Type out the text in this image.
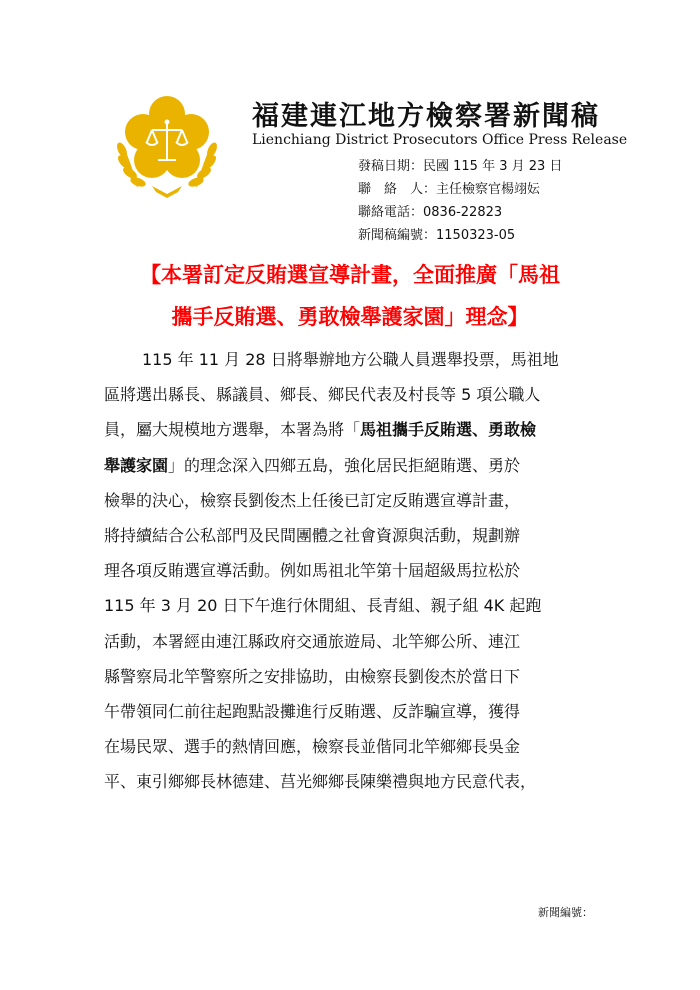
福建連江地方檢察署新聞稿
Lienchiang District Prosecutors Office Press Release
發稿日期：民國 115 年 3 月 23 日
聯　絡　人：主任檢察官楊翊妘
聯絡電話：0836-22823
新聞稿編號：1150323-05
【本署訂定反賄選宣導計畫，全面推廣「馬祖
攜手反賄選、勇敢檢舉護家園」理念】
115 年 11 月 28 日將舉辦地方公職人員選舉投票，馬祖地
區將選出縣長、縣議員、鄉長、鄉民代表及村長等 5 項公職人
員，屬大規模地方選舉，本署為將「馬祖攜手反賄選、勇敢檢
舉護家園」的理念深入四鄉五島，強化居民拒絕賄選、勇於
檢舉的決心，檢察長劉俊杰上任後已訂定反賄選宣導計畫，
將持續結合公私部門及民間團體之社會資源與活動，規劃辦
理各項反賄選宣導活動。例如馬祖北竿第十屆超級馬拉松於
115 年 3 月 20 日下午進行休閒組、長青組、親子組 4K 起跑
活動，本署經由連江縣政府交通旅遊局、北竿鄉公所、連江
縣警察局北竿警察所之安排協助，由檢察長劉俊杰於當日下
午帶領同仁前往起跑點設攤進行反賄選、反詐騙宣導，獲得
在場民眾、選手的熱情回應，檢察長並偕同北竿鄉鄉長吳金
平、東引鄉鄉長林德建、莒光鄉鄉長陳樂禮與地方民意代表，
新聞編號：
